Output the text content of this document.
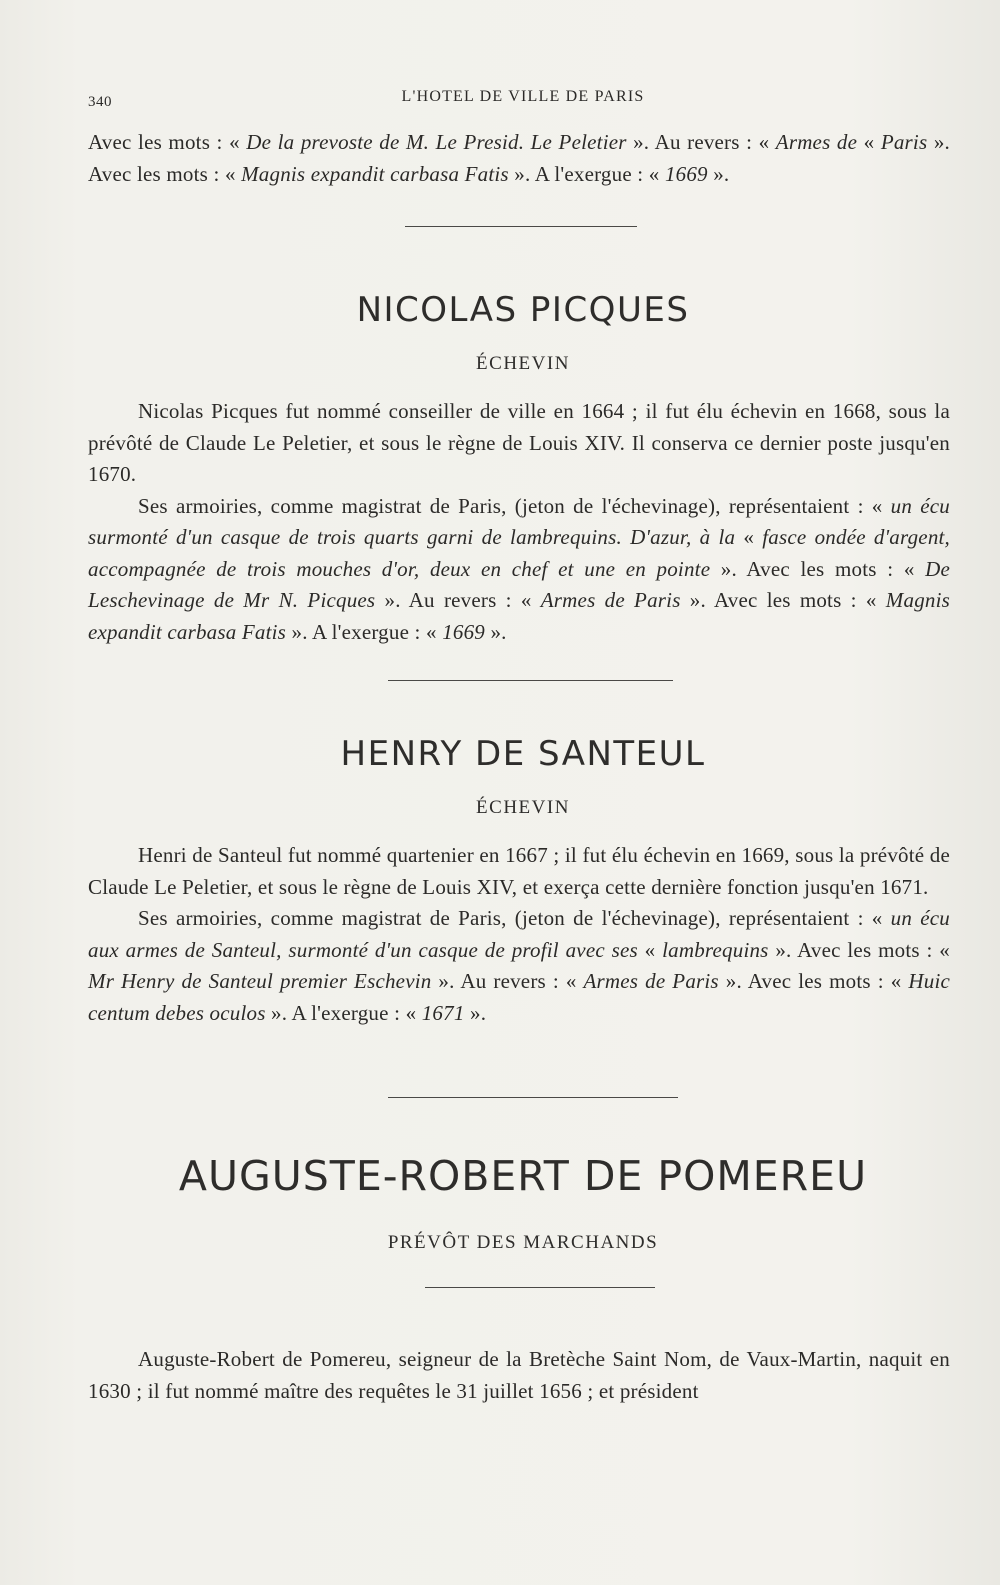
340	L'HOTEL DE VILLE DE PARIS

Avec les mots : « De la prevoste de M. Le Presid. Le Peletier ». Au revers : « Armes de « Paris ». Avec les mots : « Magnis expandit carbasa Fatis ». A l'exergue : « 1669 ».

NICOLAS PICQUES
ÉCHEVIN

Nicolas Picques fut nommé conseiller de ville en 1664 ; il fut élu échevin en 1668, sous la prévôté de Claude Le Peletier, et sous le règne de Louis XIV. Il conserva ce dernier poste jusqu'en 1670.

Ses armoiries, comme magistrat de Paris, (jeton de l'échevinage), représentaient : « un écu surmonté d'un casque de trois quarts garni de lambrequins. D'azur, à la « fasce ondée d'argent, accompagnée de trois mouches d'or, deux en chef et une en pointe ». Avec les mots : « De Leschevinage de Mr N. Picques ». Au revers : « Armes de Paris ». Avec les mots : « Magnis expandit carbasa Fatis ». A l'exergue : « 1669 ».

HENRY DE SANTEUL
ÉCHEVIN

Henri de Santeul fut nommé quartenier en 1667 ; il fut élu échevin en 1669, sous la prévôté de Claude Le Peletier, et sous le règne de Louis XIV, et exerça cette dernière fonction jusqu'en 1671.

Ses armoiries, comme magistrat de Paris, (jeton de l'échevinage), représentaient : « un écu aux armes de Santeul, surmonté d'un casque de profil avec ses « lambrequins ». Avec les mots : « Mr Henry de Santeul premier Eschevin ». Au revers : « Armes de Paris ». Avec les mots : « Huic centum debes oculos ». A l'exergue : « 1671 ».

AUGUSTE-ROBERT DE POMEREU
PRÉVÔT DES MARCHANDS

Auguste-Robert de Pomereu, seigneur de la Bretèche Saint Nom, de Vaux-Martin, naquit en 1630 ; il fut nommé maître des requêtes le 31 juillet 1656 ; et président
